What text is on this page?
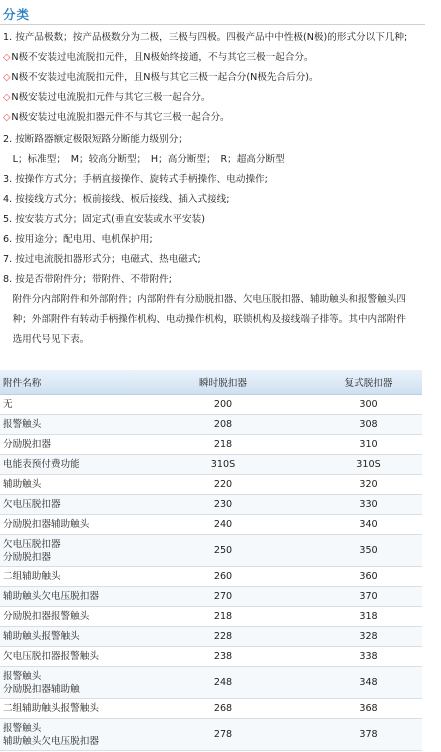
分类
1. 按产品极数；按产品极数分为二极，三极与四极。四极产品中中性极(N极)的形式分以下几种;
◇N极不安装过电流脱扣元件，且N极始终接通，不与其它三极一起合分。
◇N极不安装过电流脱扣元件，且N极与其它三极一起合分(N极先合后分)。
◇N极安装过电流脱扣元件与其它三极一起合分。
◇N极安装过电流脱扣器元件不与其它三极一起合分。
2. 按断路器额定极限短路分断能力级别分；
　L；标准型；　M；较高分断型；　H；高分断型；　R；超高分断型
3. 按操作方式分；手柄直接操作、旋转式手柄操作、电动操作;
4. 按接线方式分；板前接线、板后接线、插入式接线;
5. 按安装方式分；固定式(垂直安装或水平安装)
6. 按用途分；配电用、电机保护用;
7. 按过电流脱扣器形式分；电磁式、热电磁式;
8. 按是否带附件分；带附件、不带附件;
　附件分内部附件和外部附件；内部附件有分励脱扣器、欠电压脱扣器、辅助触头和报警触头四
　种；外部附件有转动手柄操作机构、电动操作机构，联锁机构及接线端子排等。其中内部附件
　选用代号见下表。
附件名称	瞬时脱扣器	复式脱扣器

无	200	300

报警触头	208	308

分励脱扣器	218	310

电能表预付费功能	310S	310S

辅助触头	220	320

欠电压脱扣器	230	330

分励脱扣器辅助触头	240	340

欠电压脱扣器
分励脱扣器	250	350

二组辅助触头	260	360

辅助触头欠电压脱扣器	270	370

分励脱扣器报警触头	218	318

辅助触头报警触头	228	328

欠电压脱扣器报警触头	238	338

报警触头
分励脱扣器辅助触	248	348

二组辅助触头报警触头	268	368

报警触头
辅助触头欠电压脱扣器	278	378
